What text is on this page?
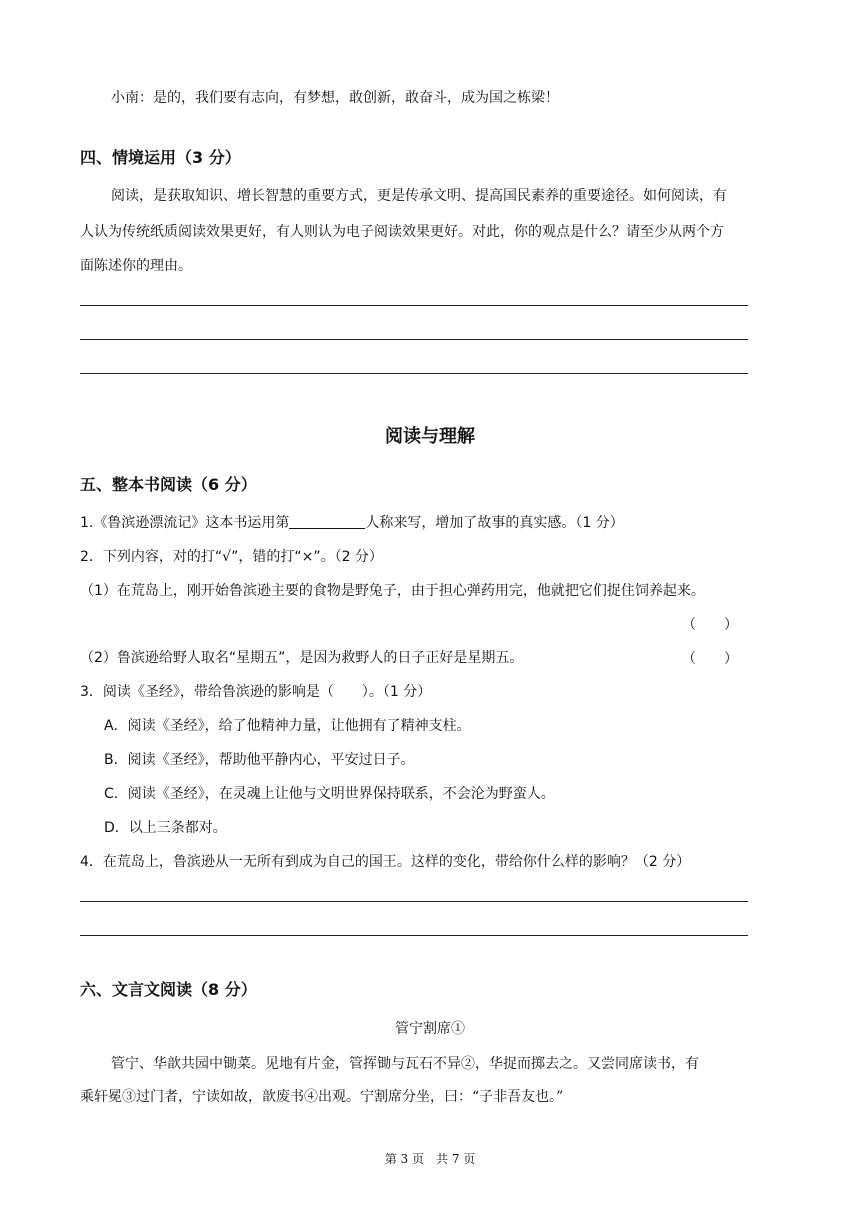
小南：是的，我们要有志向，有梦想，敢创新，敢奋斗，成为国之栋梁！
四、情境运用（3 分）
阅读，是获取知识、增长智慧的重要方式，更是传承文明、提高国民素养的重要途径。如何阅读，有
人认为传统纸质阅读效果更好，有人则认为电子阅读效果更好。对此，你的观点是什么？请至少从两个方
面陈述你的理由。
阅读与理解
五、整本书阅读（6 分）
1.《鲁滨逊漂流记》这本书运用第	人称来写，增加了故事的真实感。（1 分）
2．下列内容，对的打“√”，错的打“×”。（2 分）
（1）在荒岛上，刚开始鲁滨逊主要的食物是野兔子，由于担心弹药用完，他就把它们捉住饲养起来。
（　　）
（2）鲁滨逊给野人取名“星期五”，是因为救野人的日子正好是星期五。	（　　）
3．阅读《圣经》，带给鲁滨逊的影响是（　　）。（1 分）
A．阅读《圣经》，给了他精神力量，让他拥有了精神支柱。
B．阅读《圣经》，帮助他平静内心，平安过日子。
C．阅读《圣经》，在灵魂上让他与文明世界保持联系，不会沦为野蛮人。
D．以上三条都对。
4．在荒岛上，鲁滨逊从一无所有到成为自己的国王。这样的变化，带给你什么样的影响？（2 分）
六、文言文阅读（8 分）
管宁割席①
管宁、华歆共园中锄菜。见地有片金，管挥锄与瓦石不异②，华捉而掷去之。又尝同席读书，有
乘轩冕③过门者，宁读如故，歆废书④出观。宁割席分坐，曰：“子非吾友也。”
第 3 页　共 7 页
